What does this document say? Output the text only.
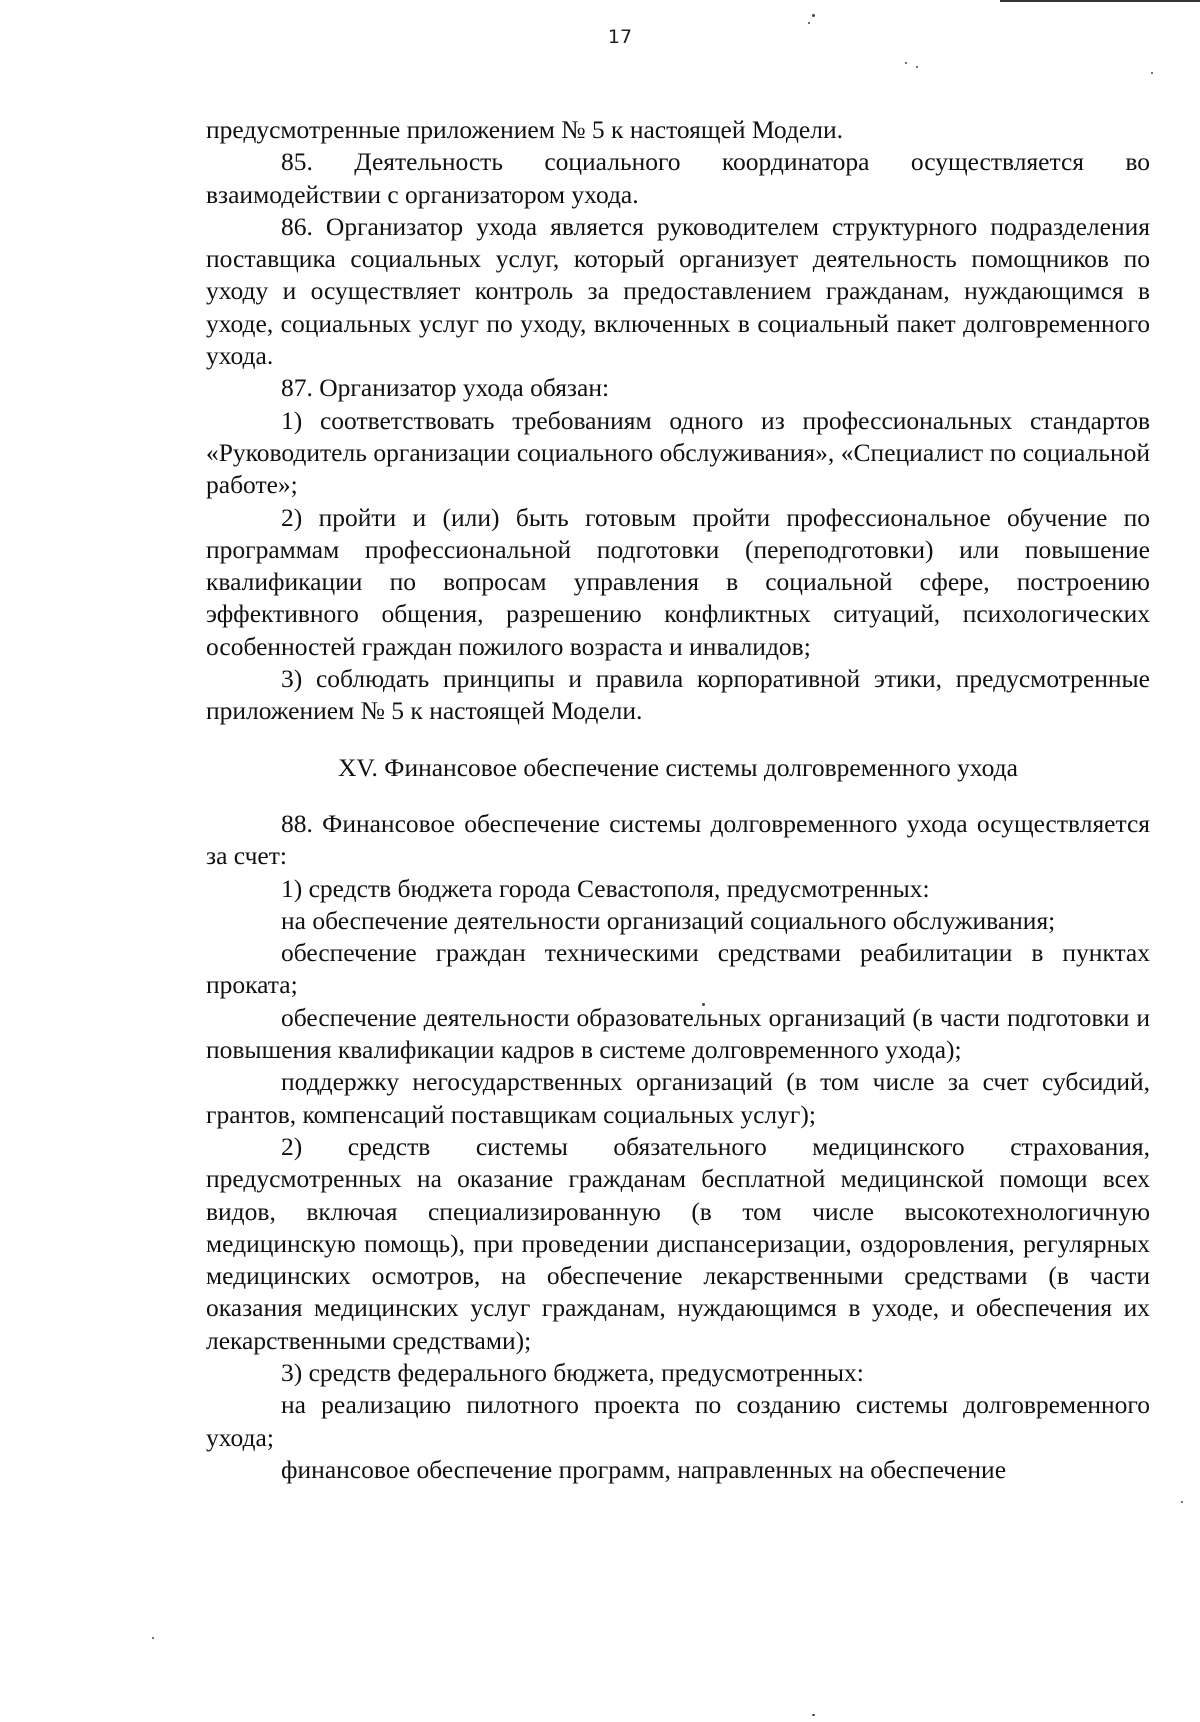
17

предусмотренные приложением № 5 к настоящей Модели.

85. Деятельность социального координатора осуществляется во взаимодействии с организатором ухода.

86. Организатор ухода является руководителем структурного подразделения поставщика социальных услуг, который организует деятельность помощников по уходу и осуществляет контроль за предоставлением гражданам, нуждающимся в уходе, социальных услуг по уходу, включенных в социальный пакет долговременного ухода.

87. Организатор ухода обязан:

1) соответствовать требованиям одного из профессиональных стандартов «Руководитель организации социального обслуживания», «Специалист по социальной работе»;

2) пройти и (или) быть готовым пройти профессиональное обучение по программам профессиональной подготовки (переподготовки) или повышение квалификации по вопросам управления в социальной сфере, построению эффективного общения, разрешению конфликтных ситуаций, психологических особенностей граждан пожилого возраста и инвалидов;

3) соблюдать принципы и правила корпоративной этики, предусмотренные приложением № 5 к настоящей Модели.

XV. Финансовое обеспечение системы долговременного ухода

88. Финансовое обеспечение системы долговременного ухода осуществляется за счет:

1) средств бюджета города Севастополя, предусмотренных:

на обеспечение деятельности организаций социального обслуживания;

обеспечение граждан техническими средствами реабилитации в пунктах проката;

обеспечение деятельности образовательных организаций (в части подготовки и повышения квалификации кадров в системе долговременного ухода);

поддержку негосударственных организаций (в том числе за счет субсидий, грантов, компенсаций поставщикам социальных услуг);

2) средств системы обязательного медицинского страхования, предусмотренных на оказание гражданам бесплатной медицинской помощи всех видов, включая специализированную (в том числе высокотехнологичную медицинскую помощь), при проведении диспансеризации, оздоровления, регулярных медицинских осмотров, на обеспечение лекарственными средствами (в части оказания медицинских услуг гражданам, нуждающимся в уходе, и обеспечения их лекарственными средствами);

3) средств федерального бюджета, предусмотренных:

на реализацию пилотного проекта по созданию системы долговременного ухода;

финансовое обеспечение программ, направленных на обеспечение
